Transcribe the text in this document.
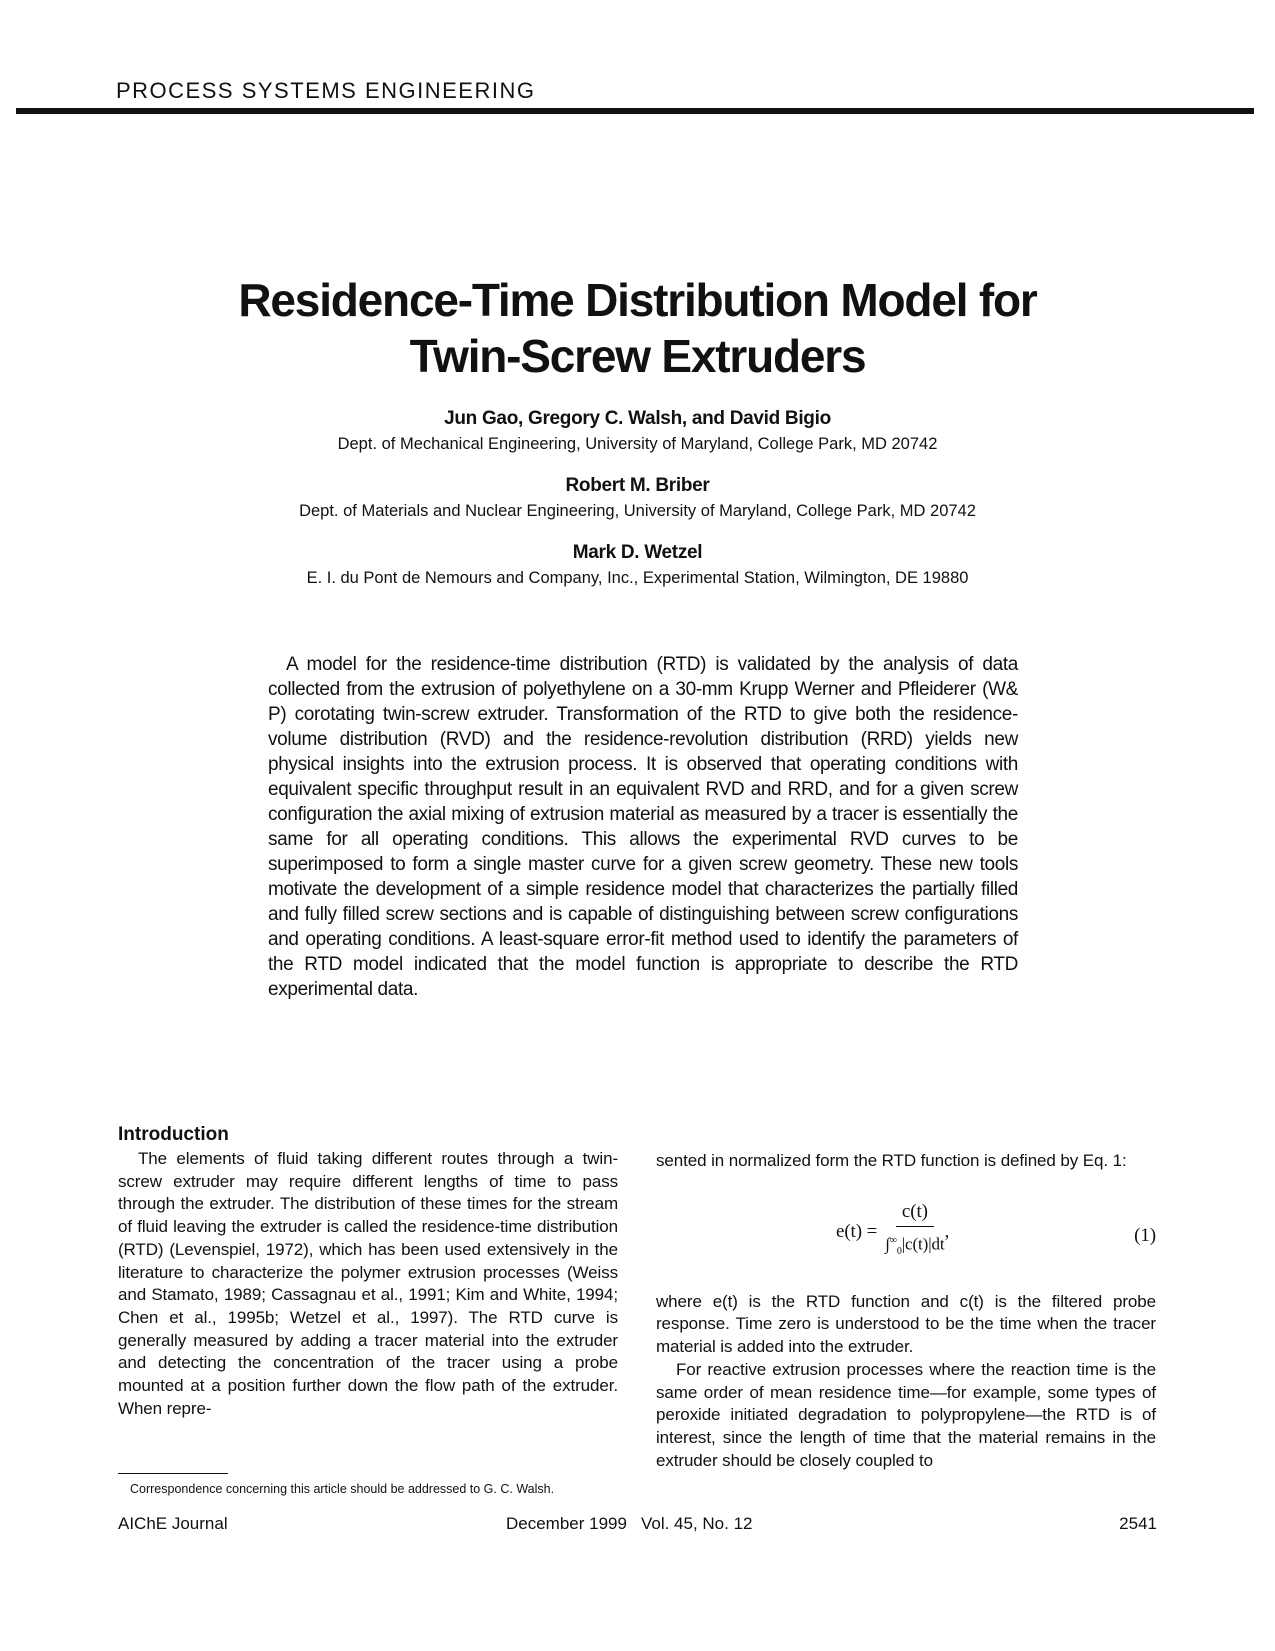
PROCESS SYSTEMS ENGINEERING
Residence-Time Distribution Model for
Twin-Screw Extruders
Jun Gao, Gregory C. Walsh, and David Bigio
Dept. of Mechanical Engineering, University of Maryland, College Park, MD 20742
Robert M. Briber
Dept. of Materials and Nuclear Engineering, University of Maryland, College Park, MD 20742
Mark D. Wetzel
E. I. du Pont de Nemours and Company, Inc., Experimental Station, Wilmington, DE 19880
A model for the residence-time distribution (RTD) is validated by the analysis of data collected from the extrusion of polyethylene on a 30-mm Krupp Werner and Pfleiderer (W& P) corotating twin-screw extruder. Transformation of the RTD to give both the residence-volume distribution (RVD) and the residence-revolution distribution (RRD) yields new physical insights into the extrusion process. It is observed that operating conditions with equivalent specific throughput result in an equivalent RVD and RRD, and for a given screw configuration the axial mixing of extrusion material as measured by a tracer is essentially the same for all operating conditions. This allows the experimental RVD curves to be superimposed to form a single master curve for a given screw geometry. These new tools motivate the development of a simple residence model that characterizes the partially filled and fully filled screw sections and is capable of distinguishing between screw configurations and operating conditions. A least-square error-fit method used to identify the parameters of the RTD model indicated that the model function is appropriate to describe the RTD experimental data.
Introduction

The elements of fluid taking different routes through a twin-screw extruder may require different lengths of time to pass through the extruder. The distribution of these times for the stream of fluid leaving the extruder is called the residence-time distribution (RTD) (Levenspiel, 1972), which has been used extensively in the literature to characterize the polymer extrusion processes (Weiss and Stamato, 1989; Cassagnau et al., 1991; Kim and White, 1994; Chen et al., 1995b; Wetzel et al., 1997). The RTD curve is generally measured by adding a tracer material into the extruder and detecting the concentration of the tracer using a probe mounted at a position further down the flow path of the extruder. When repre-

sented in normalized form the RTD function is defined by Eq. 1:

$e(t) = \frac{c(t)}{\int^\infty_0|c(t)|dt}$ ,	(1)

where e(t) is the RTD function and c(t) is the filtered probe response. Time zero is understood to be the time when the tracer material is added into the extruder.

For reactive extrusion processes where the reaction time is the same order of mean residence time—for example, some types of peroxide initiated degradation to polypropylene—the RTD is of interest, since the length of time that the material remains in the extruder should be closely coupled to

Correspondence concerning this article should be addressed to G. C. Walsh.
AIChE Journal	December 1999 Vol. 45, No. 12	2541
